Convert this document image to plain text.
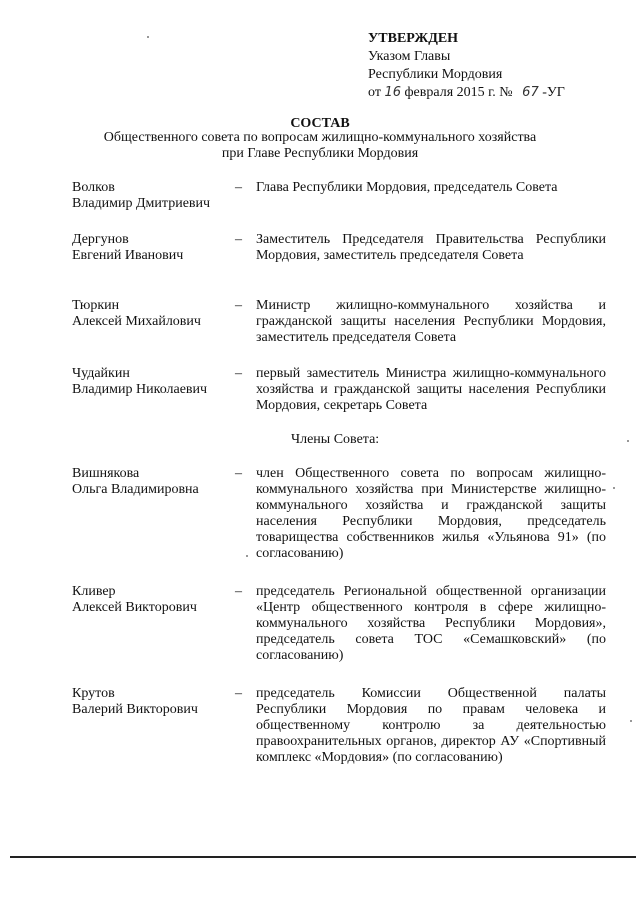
УТВЕРЖДЕН
Указом Главы
Республики Мордовия
от 16 февраля 2015 г. № 67 -УГ
СОСТАВ
Общественного совета по вопросам жилищно-коммунального хозяйства
при Главе Республики Мордовия
Волков
Владимир Дмитриевич
– Глава Республики Мордовия, председатель Совета
Дергунов
Евгений Иванович
– Заместитель Председателя Правительства Республики Мордовия, заместитель председателя Совета
Тюркин
Алексей Михайлович
– Министр жилищно-коммунального хозяйства и гражданской защиты населения Республики Мордовия, заместитель председателя Совета
Чудайкин
Владимир Николаевич
– первый заместитель Министра жилищно-коммунального хозяйства и гражданской защиты населения Республики Мордовия, секретарь Совета
Члены Совета:
Вишнякова
Ольга Владимировна
– член Общественного совета по вопросам жилищно-коммунального хозяйства при Министерстве жилищно-коммунального хозяйства и гражданской защиты населения Республики Мордовия, председатель товарищества собственников жилья «Ульянова 91» (по согласованию)
Кливер
Алексей Викторович
– председатель Региональной общественной организации «Центр общественного контроля в сфере жилищно-коммунального хозяйства Республики Мордовия», председатель совета ТОС «Семашковский» (по согласованию)
Крутов
Валерий Викторович
– председатель Комиссии Общественной палаты Республики Мордовия по правам человека и общественному контролю за деятельностью правоохранительных органов, директор АУ «Спортивный комплекс «Мордовия» (по согласованию)
